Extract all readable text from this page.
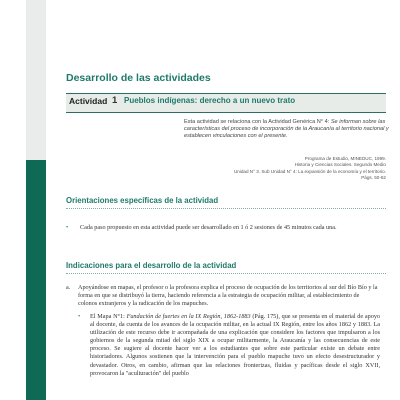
Desarrollo de las actividades
Actividad 1 Pueblos indígenas: derecho a un nuevo trato
Esta actividad se relaciona con la Actividad Genérica N° 4: Se informan sobre las características del proceso de incorporación de la Araucanía al territorio nacional y establecen vinculaciones con el presente.
Programa de Estudio, MINEDUC, 1999.
Historia y Ciencias Sociales. Segundo Medio
Unidad N° 3. Sub Unidad N° 4: La expansión de la economía y el territorio.
Págs. 50-52
Orientaciones específicas de la actividad
• Cada paso propuesto en esta actividad puede ser desarrollado en 1 ó 2 sesiones de 45 minutos cada una.
Indicaciones para el desarrollo de la actividad
a. Apoyándose en mapas, el profesor o la profesora explica el proceso de ocupación de los territorios al sur del Bío Bío y la forma en que se distribuyó la tierra, haciendo referencia a la estrategia de ocupación militar, al establecimiento de colonos extranjeros y la radicación de los mapuches.
• El Mapa N°1: Fundación de fuertes en la IX Región, 1862-1883 (Pág. 175), que se presenta en el material de apoyo al docente, da cuenta de los avances de la ocupación militar, en la actual IX Región, entre los años 1862 y 1883. La utilización de este recurso debe ir acompañada de una explicación que considere los factores que impulsaron a los gobiernos de la segunda mitad del siglo XIX a ocupar militarmente, la Araucanía y las consecuencias de este proceso. Se sugiere al docente hacer ver a los estudiantes que sobre este particular existe un debate entre historiadores. Algunos sostienen que la intervención para el pueblo mapuche tuvo un efecto desestructurador y devastador. Otros, en cambio, afirman que las relaciones fronterizas, fluidas y pacíficas desde el siglo XVII, provocaron la "aculturación" del pueblo
